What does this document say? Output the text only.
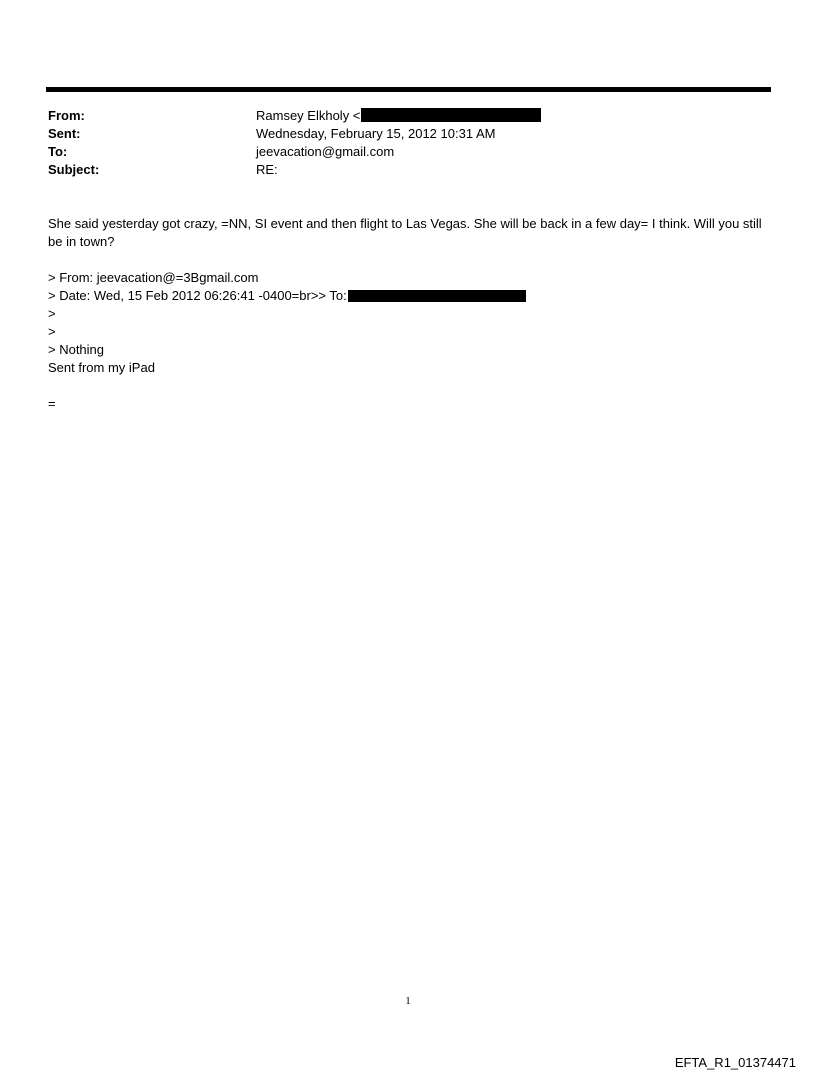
From:	Ramsey Elkholy <
Sent:	Wednesday, February 15, 2012 10:31 AM
To:	jeevacation@gmail.com
Subject:	RE:

She said yesterday got crazy, =NN, SI event and then flight to Las Vegas. She will be back in a few day= I think. Will you still be in town?

> From: jeevacation@=3Bgmail.com
> Date: Wed, 15 Feb 2012 06:26:41 -0400=br>> To:
>
>
> Nothing
Sent from my iPad
=
1
EFTA_R1_01374471
